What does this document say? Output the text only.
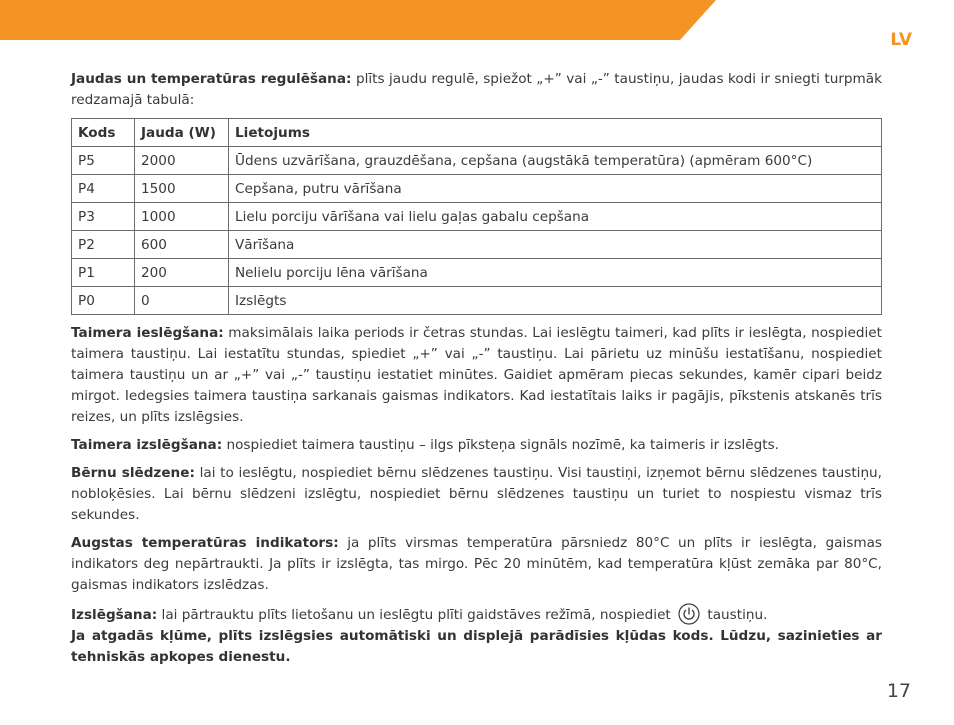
LV

Jaudas un temperatūras regulēšana: plīts jaudu regulē, spiežot „+” vai „-” taustiņu, jaudas kodi ir sniegti turpmāk redzamajā tabulā:

Kods	Jauda (W)	Lietojums
P5	2000	Ūdens uzvārīšana, grauzdēšana, cepšana (augstākā temperatūra) (apmēram 600°C)
P4	1500	Cepšana, putru vārīšana
P3	1000	Lielu porciju vārīšana vai lielu gaļas gabalu cepšana
P2	600	Vārīšana
P1	200	Nelielu porciju lēna vārīšana
P0	0	Izslēgts

Taimera ieslēgšana: maksimālais laika periods ir četras stundas. Lai ieslēgtu taimeri, kad plīts ir ieslēgta, nospiediet taimera taustiņu. Lai iestatītu stundas, spiediet „+” vai „-” taustiņu. Lai pārietu uz minūšu iestatīšanu, nospiediet taimera taustiņu un ar „+” vai „-” taustiņu iestatiet minūtes. Gaidiet apmēram piecas sekundes, kamēr cipari beidz mirgot. Iedegsies taimera taustiņa sarkanais gaismas indikators. Kad iestatītais laiks ir pagājis, pīkstenis atskanēs trīs reizes, un plīts izslēgsies.

Taimera izslēgšana: nospiediet taimera taustiņu – ilgs pīksteņa signāls nozīmē, ka taimeris ir izslēgts.

Bērnu slēdzene: lai to ieslēgtu, nospiediet bērnu slēdzenes taustiņu. Visi taustiņi, izņemot bērnu slēdzenes taustiņu, nobloķēsies. Lai bērnu slēdzeni izslēgtu, nospiediet bērnu slēdzenes taustiņu un turiet to nospiestu vismaz trīs sekundes.

Augstas temperatūras indikators: ja plīts virsmas temperatūra pārsniedz 80°C un plīts ir ieslēgta, gaismas indikators deg nepārtraukti. Ja plīts ir izslēgta, tas mirgo. Pēc 20 minūtēm, kad temperatūra kļūst zemāka par 80°C, gaismas indikators izslēdzas.

Izslēgšana: lai pārtrauktu plīts lietošanu un ieslēgtu plīti gaidstāves režīmā, nospiediet  taustiņu.
Ja atgadās kļūme, plīts izslēgsies automātiski un displejā parādīsies kļūdas kods. Lūdzu, sazinieties ar tehniskās apkopes dienestu.

17
